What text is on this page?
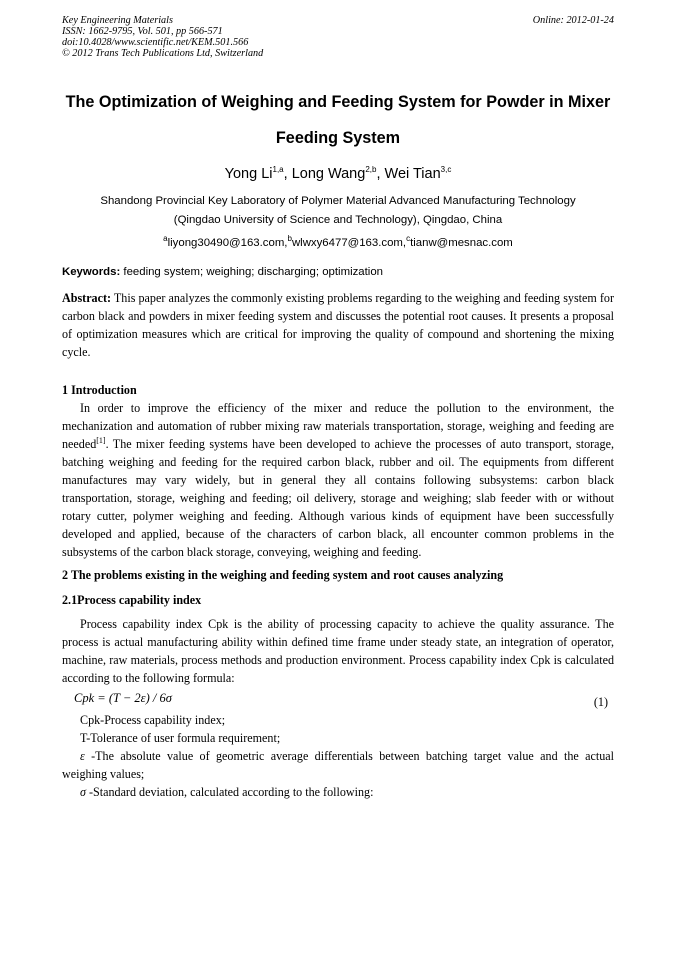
Key Engineering Materials
ISSN: 1662-9795, Vol. 501, pp 566-571
doi:10.4028/www.scientific.net/KEM.501.566
© 2012 Trans Tech Publications Ltd, Switzerland
Online: 2012-01-24
The Optimization of Weighing and Feeding System for Powder in Mixer
Feeding System
Yong Li$^{1,a}$, Long Wang$^{2,b}$, Wei Tian$^{3,c}$
Shandong Provincial Key Laboratory of Polymer Material Advanced Manufacturing Technology
(Qingdao University of Science and Technology), Qingdao, China
$^a$liyong30490@163.com,$^b$wlwxy6477@163.com,$^c$tianw@mesnac.com
Keywords: feeding system; weighing; discharging; optimization

Abstract: This paper analyzes the commonly existing problems regarding to the weighing and feeding system for carbon black and powders in mixer feeding system and discusses the potential root causes. It presents a proposal of optimization measures which are critical for improving the quality of compound and shortening the mixing cycle.

1 Introduction

In order to improve the efficiency of the mixer and reduce the pollution to the environment, the mechanization and automation of rubber mixing raw materials transportation, storage, weighing and feeding are needed[1]. The mixer feeding systems have been developed to achieve the processes of auto transport, storage, batching weighing and feeding for the required carbon black, rubber and oil. The equipments from different manufactures may vary widely, but in general they all contains following subsystems: carbon black transportation, storage, weighing and feeding; oil delivery, storage and weighing; slab feeder with or without rotary cutter, polymer weighing and feeding. Although various kinds of equipment have been successfully developed and applied, because of the characters of carbon black, all encounter common problems in the subsystems of the carbon black storage, conveying, weighing and feeding.

2 The problems existing in the weighing and feeding system and root causes analyzing
2.1Process capability index

Process capability index Cpk is the ability of processing capacity to achieve the quality assurance. The process is actual manufacturing ability within defined time frame under steady state, an integration of operator, machine, raw materials, process methods and production environment. Process capability index Cpk is calculated according to the following formula:

Cpk = (T − 2ε) / 6σ	(1)

Cpk-Process capability index;

T-Tolerance of user formula requirement;

ε -The absolute value of geometric average differentials between batching target value and the actual weighing values;

σ -Standard deviation, calculated according to the following:
